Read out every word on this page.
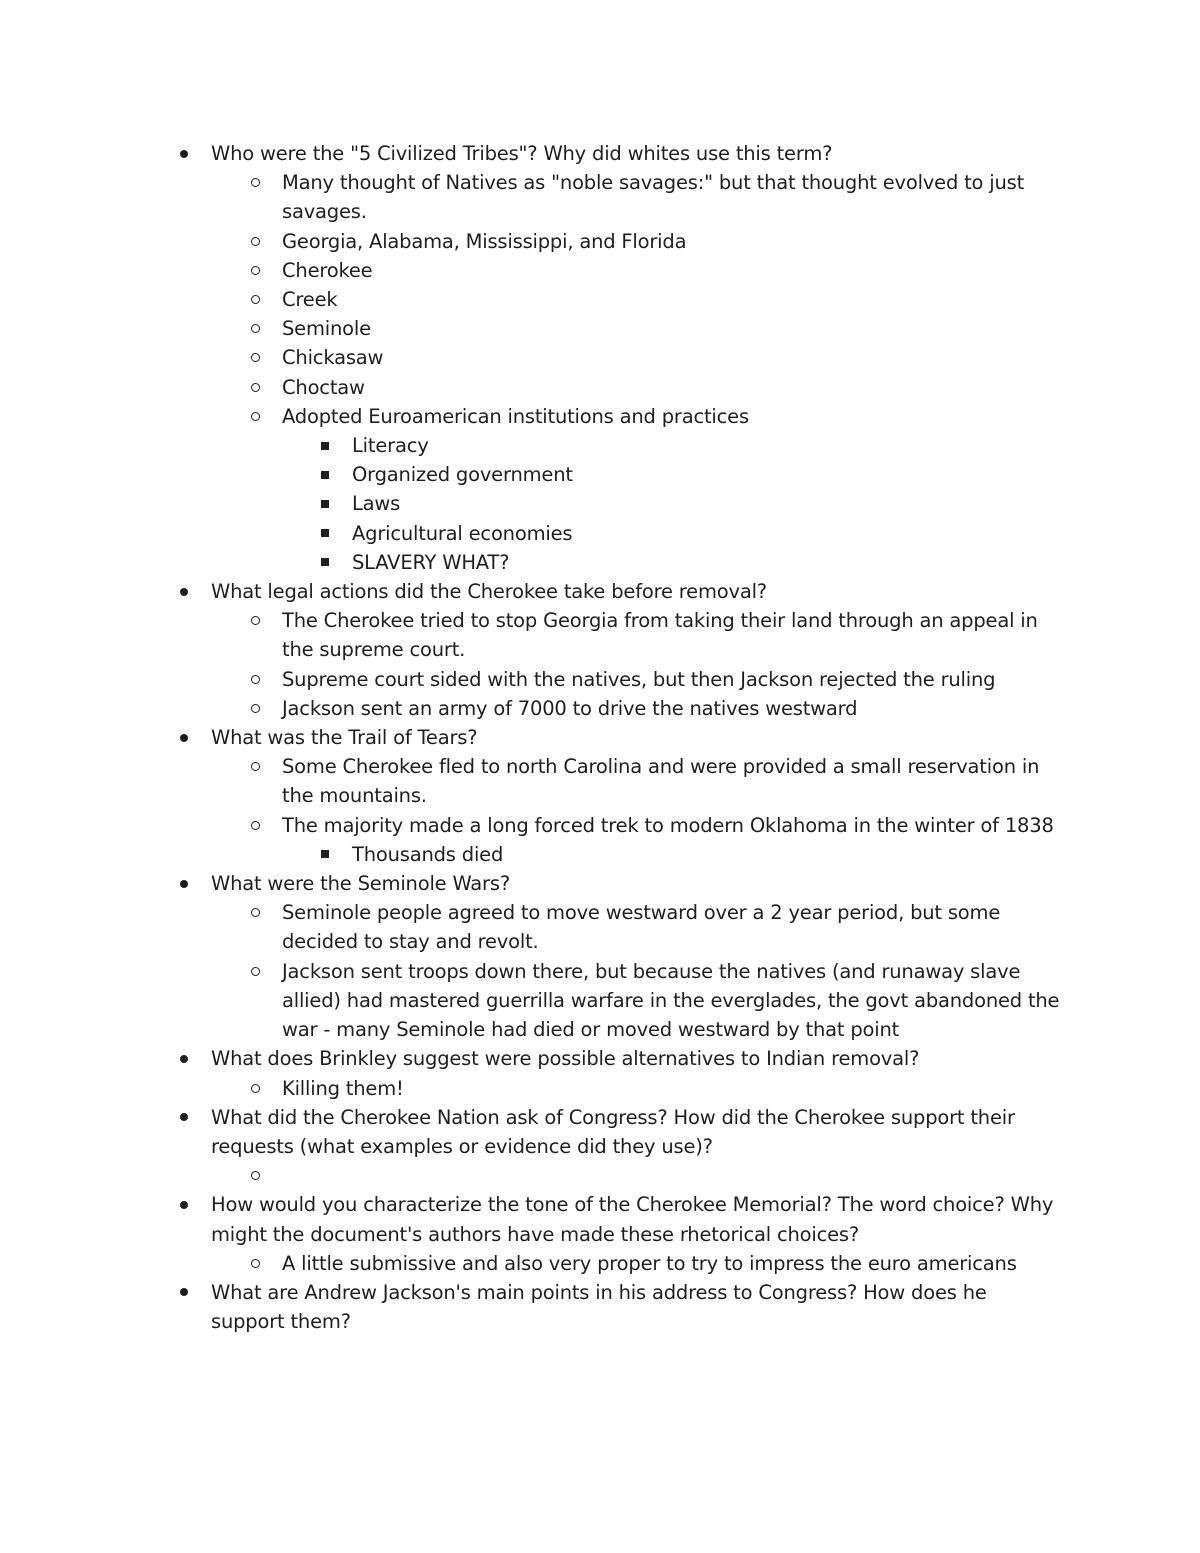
Who were the "5 Civilized Tribes"? Why did whites use this term?
Many thought of Natives as "noble savages:" but that thought evolved to just savages.
Georgia, Alabama, Mississippi, and Florida
Cherokee
Creek
Seminole
Chickasaw
Choctaw
Adopted Euroamerican institutions and practices
Literacy
Organized government
Laws
Agricultural economies
SLAVERY WHAT?
What legal actions did the Cherokee take before removal?
The Cherokee tried to stop Georgia from taking their land through an appeal in the supreme court.
Supreme court sided with the natives, but then Jackson rejected the ruling
Jackson sent an army of 7000 to drive the natives westward
What was the Trail of Tears?
Some Cherokee fled to north Carolina and were provided a small reservation in the mountains.
The majority made a long forced trek to modern Oklahoma in the winter of 1838
Thousands died
What were the Seminole Wars?
Seminole people agreed to move westward over a 2 year period, but some decided to stay and revolt.
Jackson sent troops down there, but because the natives (and runaway slave allied) had mastered guerrilla warfare in the everglades, the govt abandoned the war - many Seminole had died or moved westward by that point
What does Brinkley suggest were possible alternatives to Indian removal?
Killing them!
What did the Cherokee Nation ask of Congress? How did the Cherokee support their requests (what examples or evidence did they use)?
How would you characterize the tone of the Cherokee Memorial? The word choice? Why might the document's authors have made these rhetorical choices?
A little submissive and also very proper to try to impress the euro americans
What are Andrew Jackson's main points in his address to Congress? How does he support them?
